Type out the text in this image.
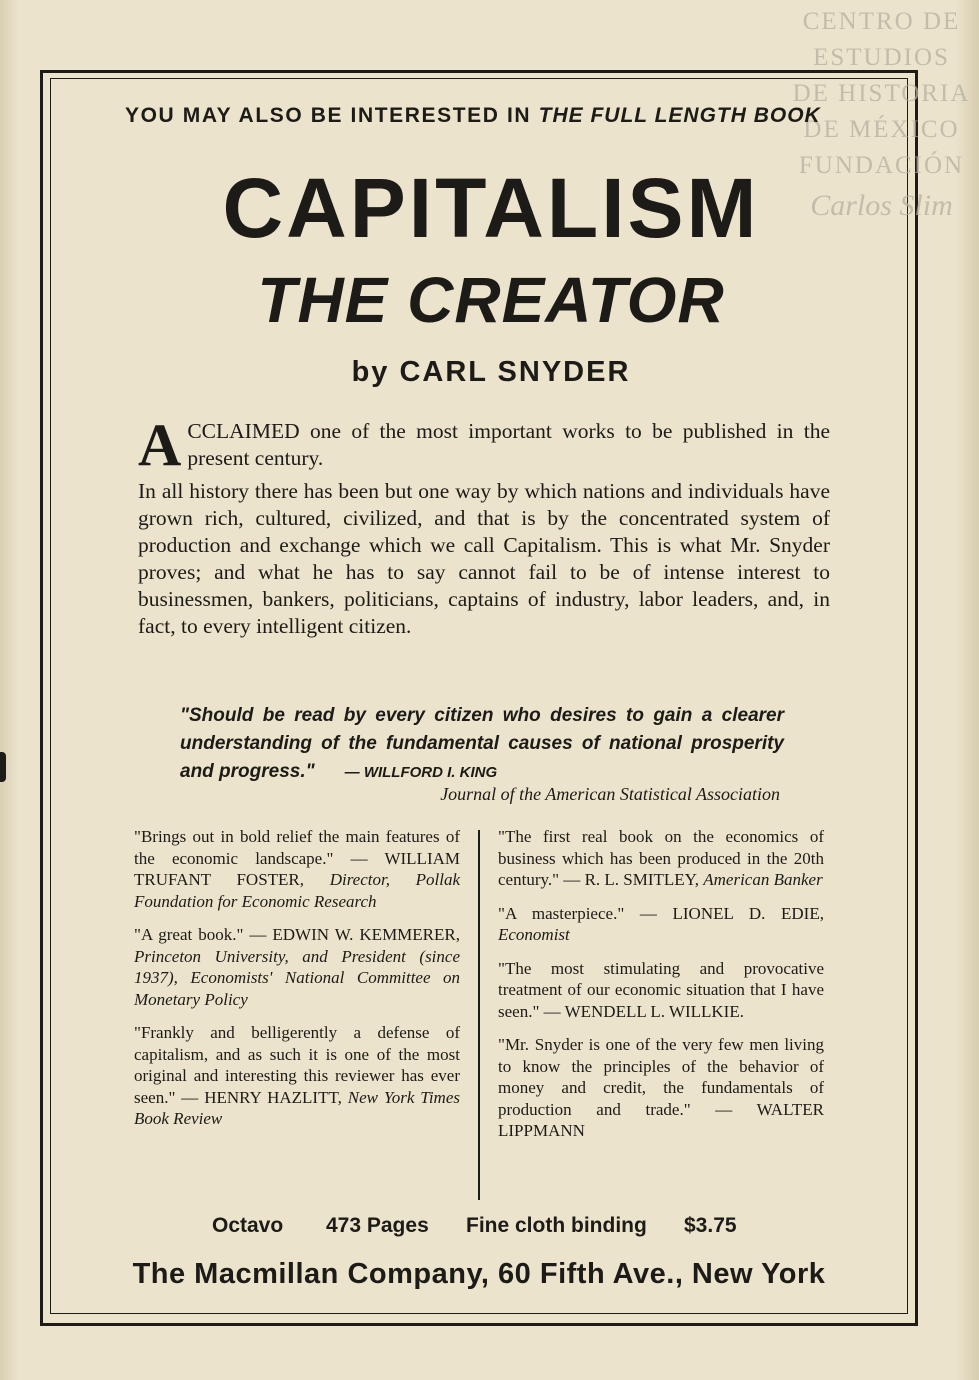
CENTRO DE
ESTUDIOS
DE HISTORIA
DE MÉXICO
FUNDACIÓN
Carlos Slim
YOU MAY ALSO BE INTERESTED IN THE FULL LENGTH BOOK
CAPITALISM
THE CREATOR
by CARL SNYDER

ACCLAIMED one of the most important works to be published in the present century.

In all history there has been but one way by which nations and individuals have grown rich, cultured, civilized, and that is by the concentrated system of production and exchange which we call Capitalism. This is what Mr. Snyder proves; and what he has to say cannot fail to be of intense interest to businessmen, bankers, politicians, captains of industry, labor leaders, and, in fact, to every intelligent citizen.

"Should be read by every citizen who desires to gain a clearer understanding of the fundamental causes of national prosperity and progress." — WILLFORD I. KING
Journal of the American Statistical Association

"Brings out in bold relief the main features of the economic landscape." — WILLIAM TRUFANT FOSTER, Director, Pollak Foundation for Economic Research

"A great book." — EDWIN W. KEMMERER, Princeton University, and President (since 1937), Economists' National Committee on Monetary Policy

"Frankly and belligerently a defense of capitalism, and as such it is one of the most original and interesting this reviewer has ever seen." — HENRY HAZLITT, New York Times Book Review

"The first real book on the economics of business which has been produced in the 20th century." — R. L. SMITLEY, American Banker

"A masterpiece." — LIONEL D. EDIE, Economist

"The most stimulating and provocative treatment of our economic situation that I have seen." — WENDELL L. WILLKIE.

"Mr. Snyder is one of the very few men living to know the principles of the behavior of money and credit, the fundamentals of production and trade." — WALTER LIPPMANN

Octavo 473 Pages Fine cloth binding $3.75
The Macmillan Company, 60 Fifth Ave., New York
